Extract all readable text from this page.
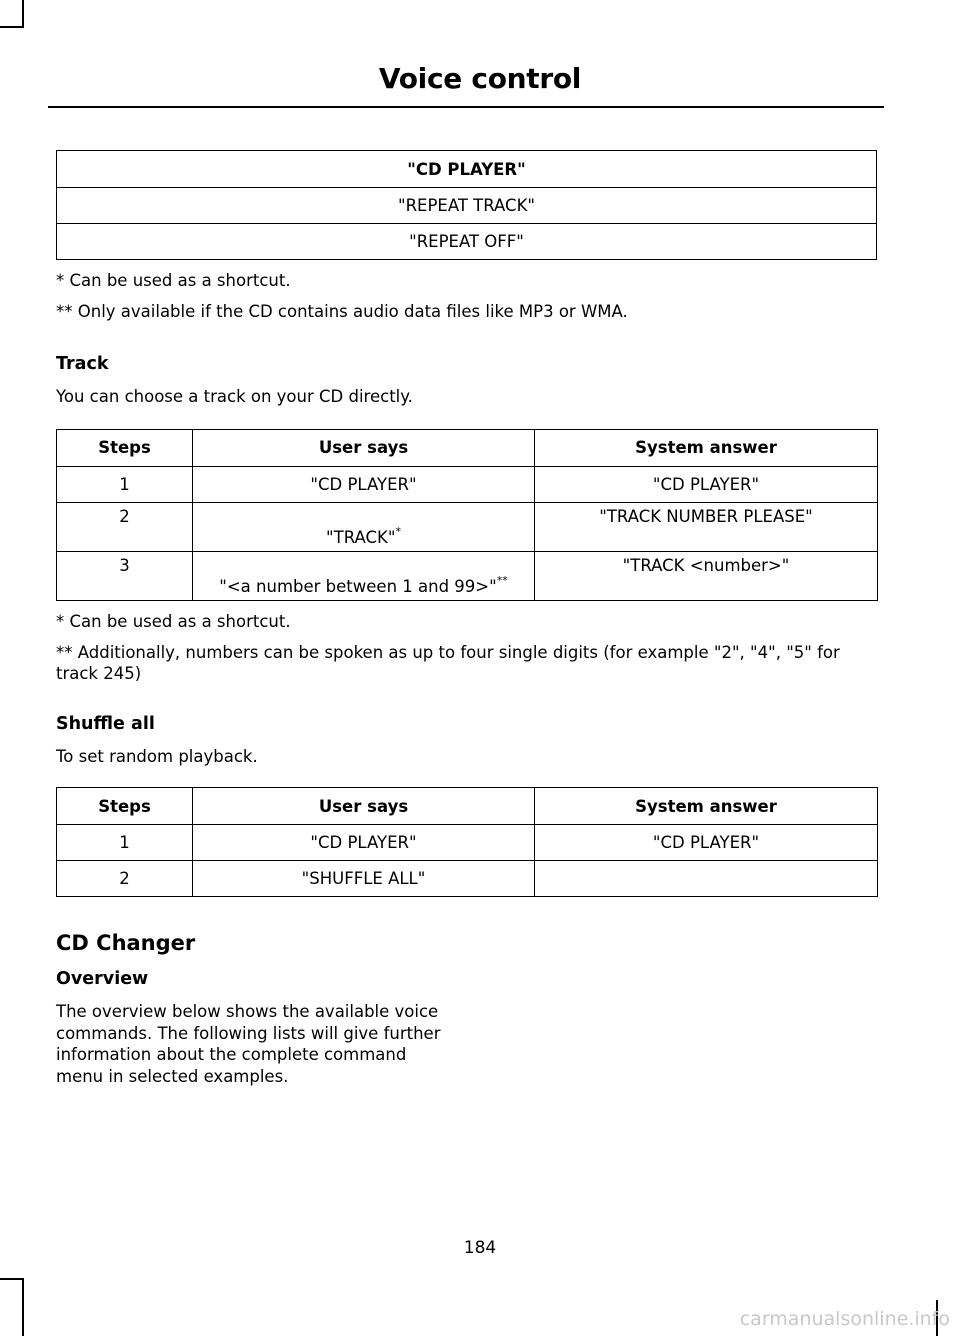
Voice control
"CD PLAYER"
"REPEAT TRACK"
"REPEAT OFF"

* Can be used as a shortcut.

** Only available if the CD contains audio data files like MP3 or WMA.

Track

You can choose a track on your CD directly.

Steps	User says	System answer
1	"CD PLAYER"	"CD PLAYER"
2	"TRACK"*	"TRACK NUMBER PLEASE"
3	"<a number between 1 and 99>"**	"TRACK <number>"

* Can be used as a shortcut.

** Additionally, numbers can be spoken as up to four single digits (for example "2", "4", "5" for track 245)

Shuffle all

To set random playback.

Steps	User says	System answer
1	"CD PLAYER"	"CD PLAYER"
2	"SHUFFLE ALL"	

CD Changer

Overview

The overview below shows the available voice commands. The following lists will give further information about the complete command menu in selected examples.

184
carmanualsonline.info
